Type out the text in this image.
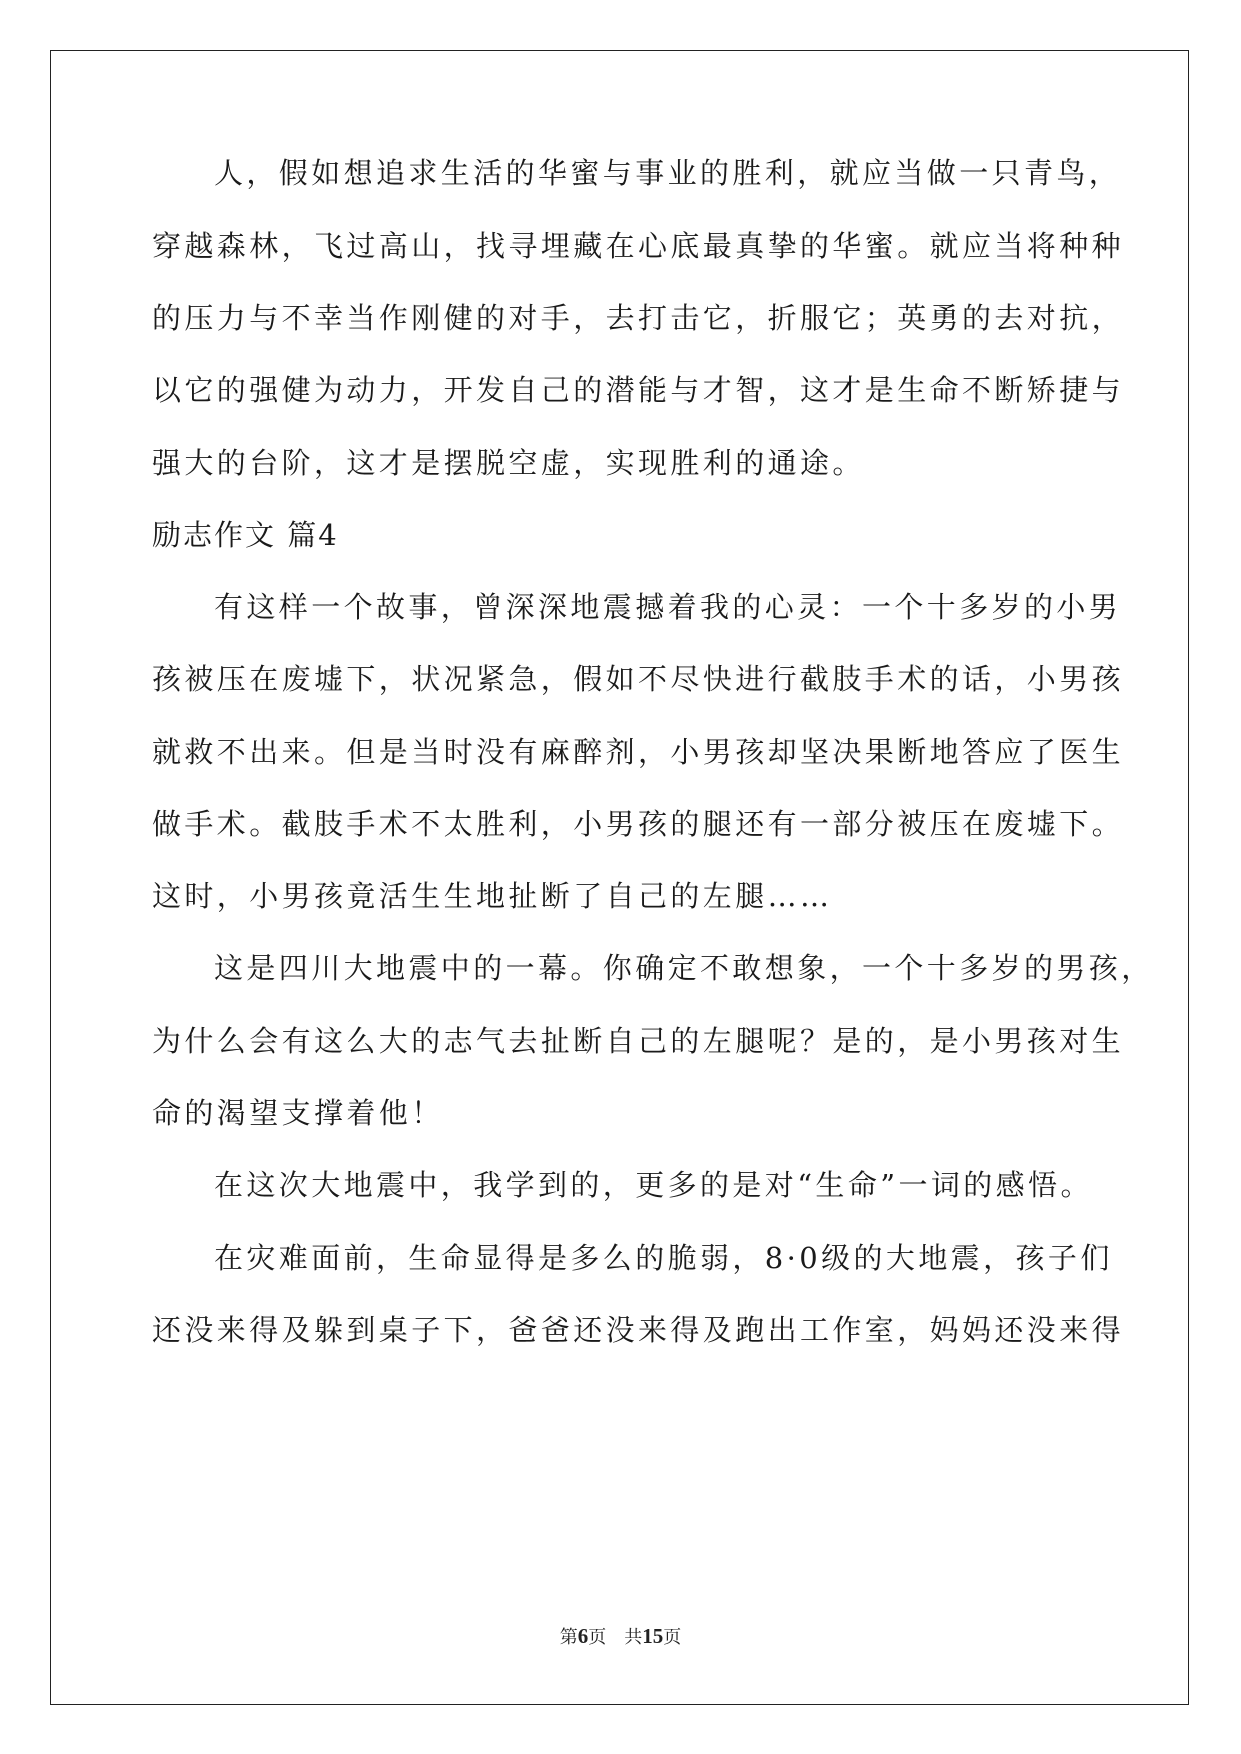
人，假如想追求生活的华蜜与事业的胜利，就应当做一只青鸟，
穿越森林，飞过高山，找寻埋藏在心底最真挚的华蜜。就应当将种种
的压力与不幸当作刚健的对手，去打击它，折服它；英勇的去对抗，
以它的强健为动力，开发自己的潜能与才智，这才是生命不断矫捷与
强大的台阶，这才是摆脱空虚，实现胜利的通途。
励志作文 篇4
有这样一个故事，曾深深地震撼着我的心灵：一个十多岁的小男
孩被压在废墟下，状况紧急，假如不尽快进行截肢手术的话，小男孩
就救不出来。但是当时没有麻醉剂，小男孩却坚决果断地答应了医生
做手术。截肢手术不太胜利，小男孩的腿还有一部分被压在废墟下。
这时，小男孩竟活生生地扯断了自己的左腿……
这是四川大地震中的一幕。你确定不敢想象，一个十多岁的男孩，
为什么会有这么大的志气去扯断自己的左腿呢？是的，是小男孩对生
命的渴望支撑着他！
在这次大地震中，我学到的，更多的是对“生命”一词的感悟。
在灾难面前，生命显得是多么的脆弱，8·0级的大地震，孩子们
还没来得及躲到桌子下，爸爸还没来得及跑出工作室，妈妈还没来得
第6页 共15页
